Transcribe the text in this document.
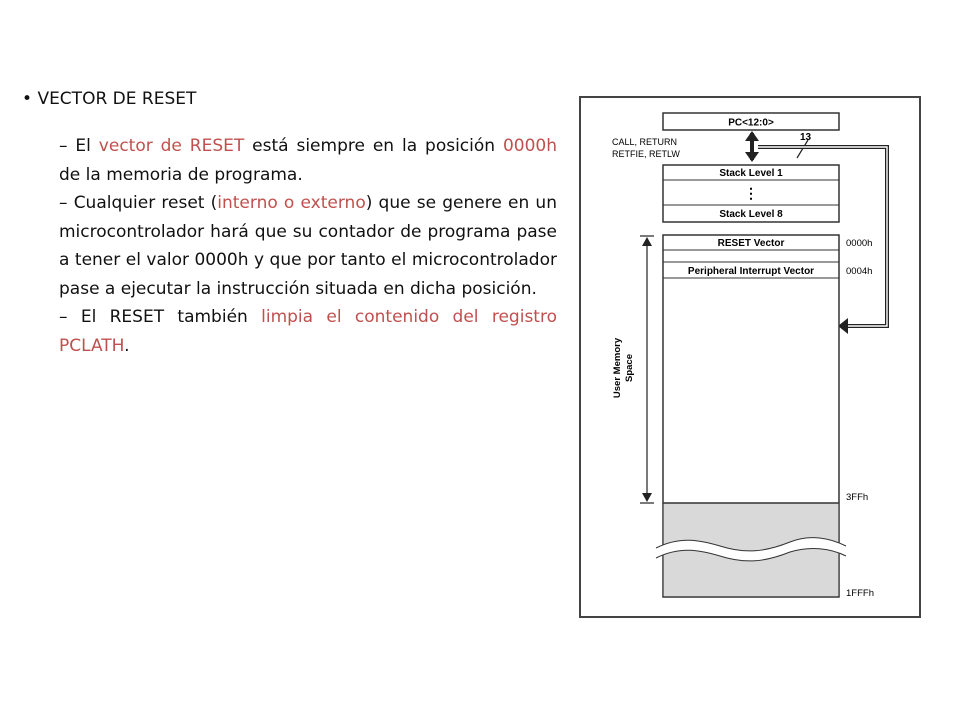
• VECTOR DE RESET
– El vector de RESET está siempre en la posición 0000h de la memoria de programa.
– Cualquier reset (interno o externo) que se genere en un microcontrolador hará que su contador de programa pase a tener el valor 0000h y que por tanto el microcontrolador pase a ejecutar la instrucción situada en dicha posición.
– El RESET también limpia el contenido del registro PCLATH.
PC<12:0>
CALL, RETURN
RETFIE, RETLW
13
Stack Level 1
⋮
Stack Level 8
RESET Vector
Peripheral Interrupt Vector
0000h
0004h
3FFh
1FFFh
User Memory Space
